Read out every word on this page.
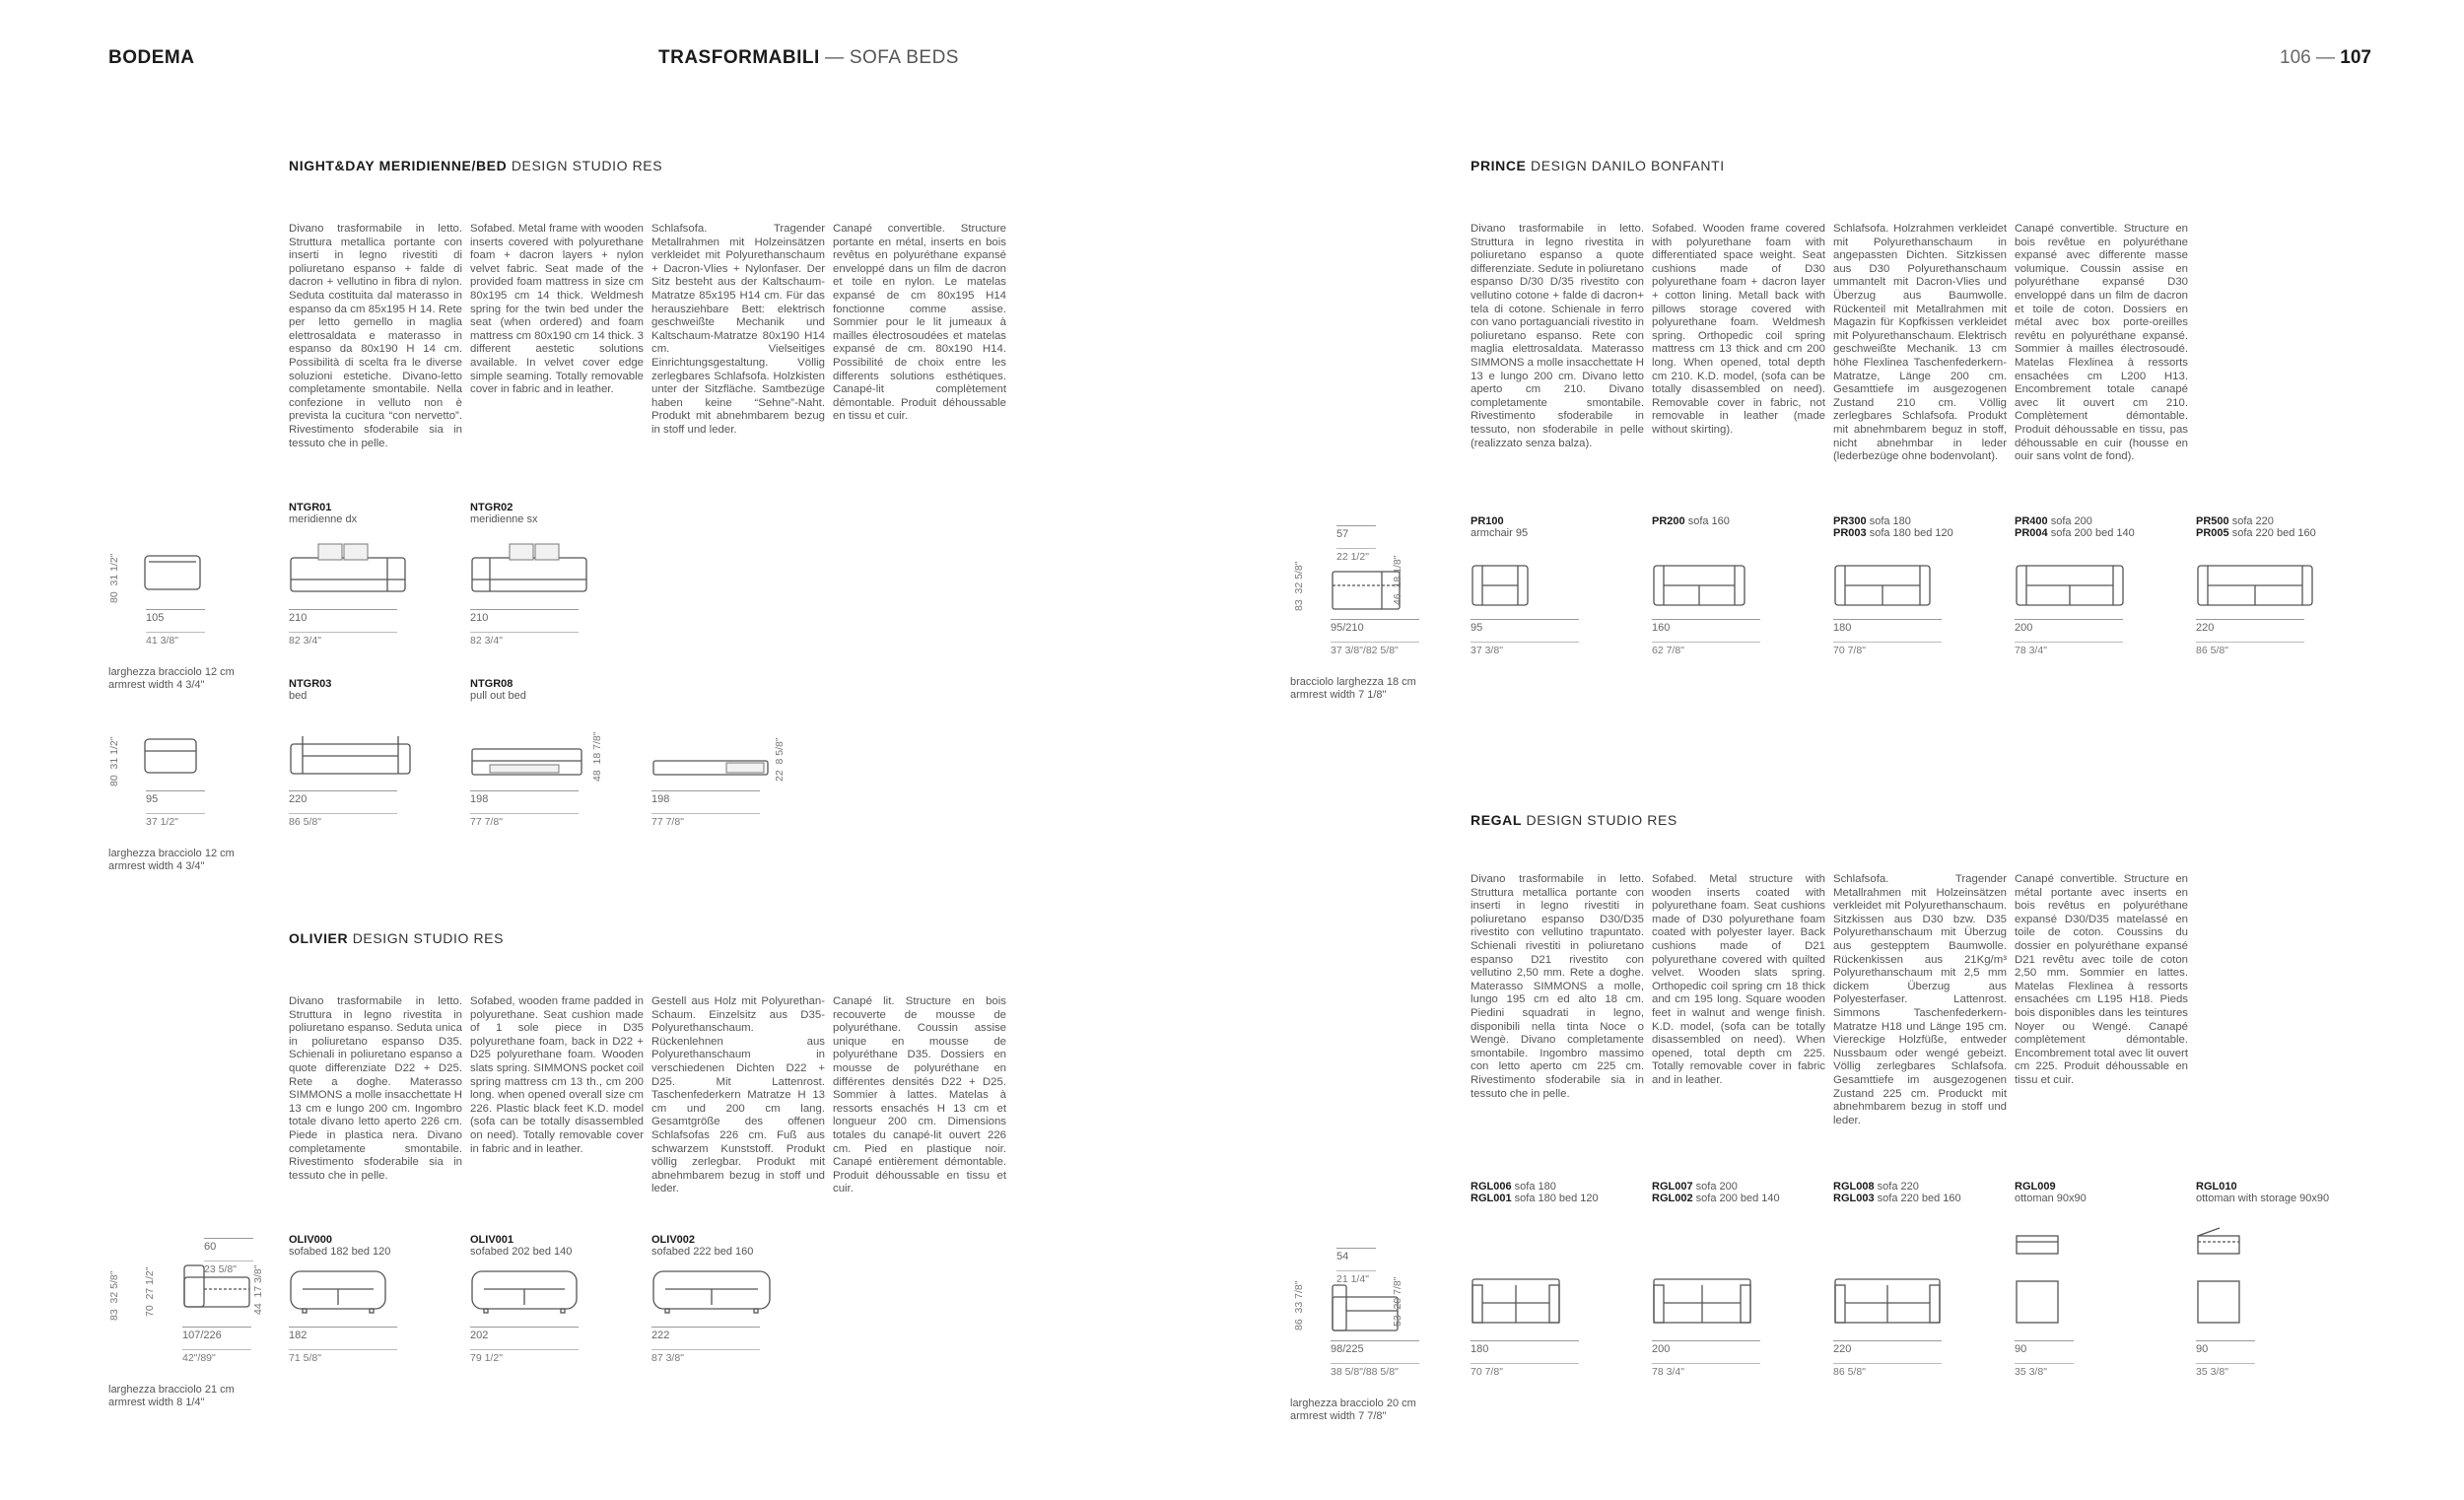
BODEMA	TRASFORMABILI — SOFA BEDS	106 — 107
NIGHT&DAY MERIDIENNE/BED DESIGN STUDIO RES
Divano trasformabile in letto. Struttura metallica portante con inserti in legno rivestiti di poliuretano espanso + falde di dacron + vellutino in fibra di nylon. Seduta costituita dal materasso in espanso da cm 85x195 H 14. Rete per letto gemello in maglia elettrosaldata e materasso in espanso da 80x190 H 14 cm. Possibilità di scelta fra le diverse soluzioni estetiche. Divano-letto completamente smontabile. Nella confezione in velluto non è prevista la cucitura “con nervetto”. Rivestimento sfoderabile sia in tessuto che in pelle.
Sofabed. Metal frame with wooden inserts covered with polyurethane foam + dacron layers + nylon velvet fabric. Seat made of the provided foam mattress in size cm 80x195 cm 14 thick. Weldmesh spring for the twin bed under the seat (when ordered) and foam mattress cm 80x190 cm 14 thick. 3 different aestetic solutions available. In velvet cover edge simple seaming. Totally removable cover in fabric and in leather.
Schlafsofa. Tragender Metallrahmen mit Holzeinsätzen verkleidet mit Polyurethanschaum + Dacron-Vlies + Nylonfaser. Der Sitz besteht aus der Kaltschaum-Matratze 85x195 H14 cm. Für das herausziehbare Bett: elektrisch geschweißte Mechanik und Kaltschaum-Matratze 80x190 H14 cm. Vielseitiges Einrichtungsgestaltung. Völlig zerlegbares Schlafsofa. Holzkisten unter der Sitzfläche. Samtbezüge haben keine “Sehne”-Naht. Produkt mit abnehmbarem bezug in stoff und leder.
Canapé convertible. Structure portante en métal, inserts en bois revêtus en polyuréthane expansé enveloppé dans un film de dacron et toile en nylon. Le matelas expansé de cm 80x195 H14 fonctionne comme assise. Sommier pour le lit jumeaux à mailles électrosoudées et matelas expansé de cm. 80x190 H14. Possibilité de choix entre les differents solutions esthétiques. Canapé-lit complètement démontable. Produit déhoussable en tissu et cuir.
80  31 1/2"
105
41 3/8"
NTGR01
meridienne dx
210
82 3/4"
NTGR02
meridienne sx
210
82 3/4"
larghezza bracciolo 12 cm
armrest width 4 3/4"
80  31 1/2"
95
37 1/2"
NTGR03
bed
220
86 5/8"
NTGR08
pull out bed
48  18 7/8"
198
77 7/8"
22  8 5/8"
198
77 7/8"
larghezza bracciolo 12 cm
armrest width 4 3/4"
OLIVIER DESIGN STUDIO RES
Divano trasformabile in letto. Struttura in legno rivestita in poliuretano espanso. Seduta unica in poliuretano espanso D35. Schienali in poliuretano espanso a quote differenziate D22 + D25. Rete a doghe. Materasso SIMMONS a molle insacchettate H 13 cm e lungo 200 cm. Ingombro totale divano letto aperto 226 cm. Piede in plastica nera. Divano completamente smontabile. Rivestimento sfoderabile sia in tessuto che in pelle.
Sofabed, wooden frame padded in polyurethane. Seat cushion made of 1 sole piece in D35 polyurethane foam, back in D22 + D25 polyurethane foam. Wooden slats spring. SIMMONS pocket coil spring mattress cm 13 th., cm 200 long. when opened overall size cm 226. Plastic black feet K.D. model (sofa can be totally disassembled on need). Totally removable cover in fabric and in leather.
Gestell aus Holz mit Polyurethan-Schaum. Einzelsitz aus D35-Polyurethanschaum. Rückenlehnen aus Polyurethanschaum in verschiedenen Dichten D22 + D25. Mit Lattenrost. Taschenfederkern Matratze H 13 cm und 200 cm lang. Gesamtgröße des offenen Schlafsofas 226 cm. Fuß aus schwarzem Kunststoff. Produkt völlig zerlegbar. Produkt mit abnehmbarem bezug in stoff und leder.
Canapé lit. Structure en bois recouverte de mousse de polyuréthane. Coussin assise unique en mousse de polyuréthane D35. Dossiers en mousse de polyuréthane en différentes densités D22 + D25. Sommier à lattes. Matelas à ressorts ensachés H 13 cm et longueur 200 cm. Dimensions totales du canapé-lit ouvert 226 cm. Pied en plastique noir. Canapé entièrement démontable. Produit déhoussable en tissu et cuir.
60
23 5/8"
83  32 5/8"
70  27 1/2"
44  17 3/8"
107/226
42"/89"
OLIV000
sofabed 182 bed 120
182
71 5/8"
OLIV001
sofabed 202 bed 140
202
79 1/2"
OLIV002
sofabed 222 bed 160
222
87 3/8"
larghezza bracciolo 21 cm
armrest width 8 1/4"
PRINCE DESIGN DANILO BONFANTI
Divano trasformabile in letto. Struttura in legno rivestita in poliuretano espanso a quote differenziate. Sedute in poliuretano espanso D/30 D/35 rivestito con vellutino cotone + falde di dacron+ tela di cotone. Schienale in ferro con vano portaguanciali rivestito in poliuretano espanso. Rete con maglia elettrosaldata. Materasso SIMMONS a molle insacchettate H 13 e lungo 200 cm. Divano letto aperto cm 210. Divano completamente smontabile. Rivestimento sfoderabile in tessuto, non sfoderabile in pelle (realizzato senza balza).
Sofabed. Wooden frame covered with polyurethane foam with differentiated space weight. Seat cushions made of D30 polyurethane foam + dacron layer + cotton lining. Metall back with pillows storage covered with polyurethane foam. Weldmesh spring. Orthopedic coil spring mattress cm 13 thick and cm 200 long. When opened, total depth cm 210. K.D. model, (sofa can be totally disassembled on need). Removable cover in fabric, not removable in leather (made without skirting).
Schlafsofa. Holzrahmen verkleidet mit Polyurethanschaum in angepassten Dichten. Sitzkissen aus D30 Polyurethanschaum ummantelt mit Dacron-Vlies und Überzug aus Baumwolle. Rückenteil mit Metallrahmen mit Magazin für Kopfkissen verkleidet mit Polyurethanschaum. Elektrisch geschweißte Mechanik. 13 cm höhe Flexlinea Taschenfederkern-Matratze, Länge 200 cm. Gesamttiefe im ausgezogenen Zustand 210 cm. Völlig zerlegbares Schlafsofa. Produkt mit abnehmbarem beguz in stoff, nicht abnehmbar in leder (lederbezüge ohne bodenvolant).
Canapé convertible. Structure en bois revêtue en polyuréthane expansé avec differente masse volumique. Coussin assise en polyuréthane expansé D30 enveloppé dans un film de dacron et toile de coton. Dossiers en métal avec box porte-oreilles revêtu en polyuréthane expansé. Sommier à mailles électrosoudé. Matelas Flexlinea à ressorts ensachées cm L200 H13. Encombrement totale canapé avec lit ouvert cm 210. Complètement démontable. Produit déhoussable en tissu, pas déhoussable en cuir (housse en ouir sans volnt de fond).
57
22 1/2"
83  32 5/8"
46  18 1/8"
95/210
37 3/8"/82 5/8"
PR100
armchair 95
95
37 3/8"
PR200 sofa 160
160
62 7/8"
PR300 sofa 180
PR003 sofa 180 bed 120
180
70 7/8"
PR400 sofa 200
PR004 sofa 200 bed 140
200
78 3/4"
PR500 sofa 220
PR005 sofa 220 bed 160
220
86 5/8"
bracciolo larghezza 18 cm
armrest width 7 1/8"
REGAL DESIGN STUDIO RES
Divano trasformabile in letto. Struttura metallica portante con inserti in legno rivestiti in poliuretano espanso D30/D35 rivestito con vellutino trapuntato. Schienali rivestiti in poliuretano espanso D21 rivestito con vellutino 2,50 mm. Rete a doghe. Materasso SIMMONS a molle, lungo 195 cm ed alto 18 cm. Piedini squadrati in legno, disponibili nella tinta Noce o Wengè. Divano completamente smontabile. Ingombro massimo con letto aperto cm 225 cm. Rivestimento sfoderabile sia in tessuto che in pelle.
Sofabed. Metal structure with wooden inserts coated with polyurethane foam. Seat cushions made of D30 polyurethane foam coated with polyester layer. Back cushions made of D21 polyurethane covered with quilted velvet. Wooden slats spring. Orthopedic coil spring cm 18 thick and cm 195 long. Square wooden feet in walnut and wenge finish. K.D. model, (sofa can be totally disassembled on need). When opened, total depth cm 225. Totally removable cover in fabric and in leather.
Schlafsofa. Tragender Metallrahmen mit Holzeinsätzen verkleidet mit Polyurethanschaum. Sitzkissen aus D30 bzw. D35 Polyurethanschaum mit Überzug aus gestepptem Baumwolle. Rückenkissen aus 21Kg/m³ Polyurethanschaum mit 2,5 mm dickem Überzug aus Polyesterfaser. Lattenrost. Simmons Taschenfederkern-Matratze H18 und Länge 195 cm. Viereckige Holzfüße, entweder Nussbaum oder wengé gebeizt. Völlig zerlegbares Schlafsofa. Gesamttiefe im ausgezogenen Zustand 225 cm. Produckt mit abnehmbarem bezug in stoff und leder.
Canapé convertible. Structure en métal portante avec inserts en bois revêtus en polyuréthane expansé D30/D35 matelassé en toile de coton. Coussins du dossier en polyuréthane expansé D21 revêtu avec toile de coton 2,50 mm. Sommier en lattes. Matelas Flexlinea à ressorts ensachées cm L195 H18. Pieds bois disponibles dans les teintures Noyer ou Wengé. Canapé complètement démontable. Encombrement total avec lit ouvert cm 225. Produit déhoussable en tissu et cuir.
54
21 1/4"
86  33 7/8"
53  20 7/8"
98/225
38 5/8"/88 5/8"
RGL006 sofa 180
RGL001 sofa 180 bed 120
180
70 7/8"
RGL007 sofa 200
RGL002 sofa 200 bed 140
200
78 3/4"
RGL008 sofa 220
RGL003 sofa 220 bed 160
220
86 5/8"
RGL009
ottoman 90x90
90
35 3/8"
RGL010
ottoman with storage 90x90
90
35 3/8"
larghezza bracciolo 20 cm
armrest width 7 7/8"
